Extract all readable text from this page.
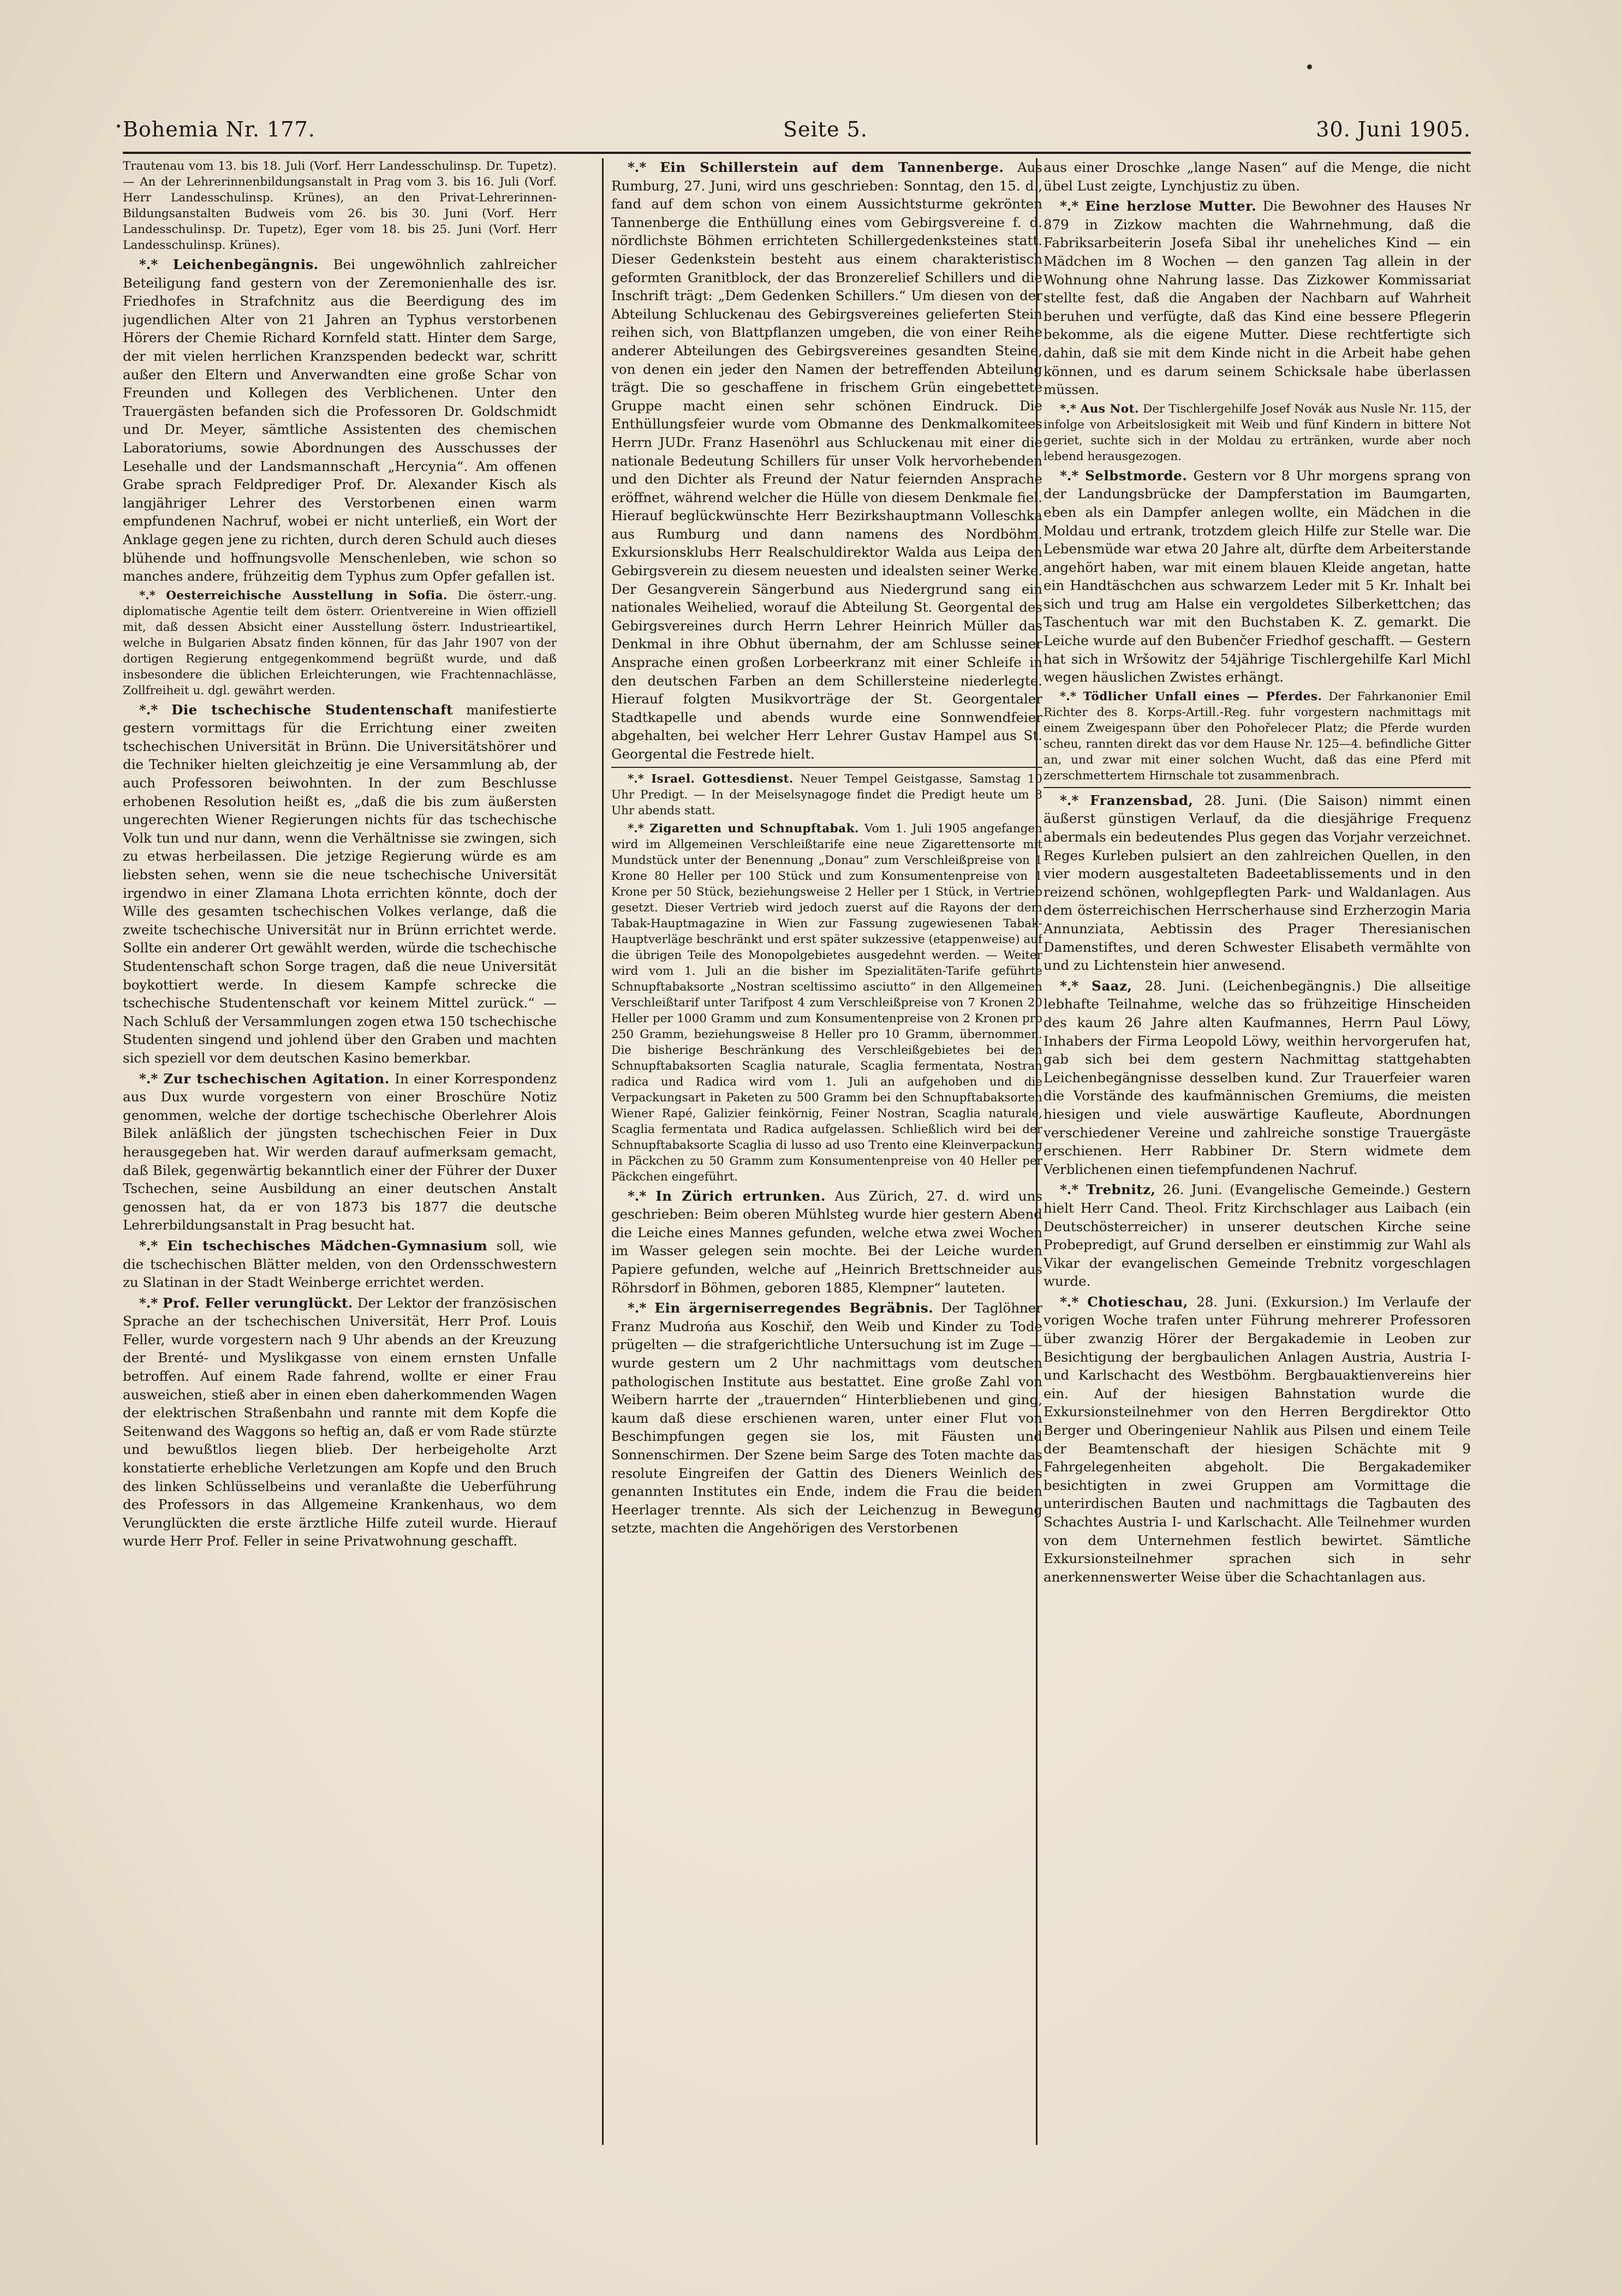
Bohemia Nr. 177.	Seite 5.	30. Juni 1905.

Trautenau vom 13. bis 18. Juli (Vorf. Herr Landesschulinsp. Dr. Tupetz). — An der Lehrerinnenbildungsanstalt in Prag vom 3. bis 16. Juli (Vorf. Herr Landesschulinsp. Krünes), an den Privat-Lehrerinnen-Bildungsanstalten Budweis vom 26. bis 30. Juni (Vorf. Herr Landesschulinsp. Dr. Tupetz), Eger vom 18. bis 25. Juni (Vorf. Herr Landesschulinsp. Krünes).

*.* Leichenbegängnis. Bei ungewöhnlich zahlreicher Beteiligung fand gestern von der Zeremonienhalle des isr. Friedhofes in Strafchnitz aus die Beerdigung des im jugendlichen Alter von 21 Jahren an Typhus verstorbenen Hörers der Chemie Richard Kornfeld statt. Hinter dem Sarge, der mit vielen herrlichen Kranzspenden bedeckt war, schritt außer den Eltern und Anverwandten eine große Schar von Freunden und Kollegen des Verblichenen. Unter den Trauergästen befanden sich die Professoren Dr. Goldschmidt und Dr. Meyer, sämtliche Assistenten des chemischen Laboratoriums, sowie Abordnungen des Ausschusses der Lesehalle und der Landsmannschaft „Hercynia“. Am offenen Grabe sprach Feldprediger Prof. Dr. Alexander Kisch als langjähriger Lehrer des Verstorbenen einen warm empfundenen Nachruf, wobei er nicht unterließ, ein Wort der Anklage gegen jene zu richten, durch deren Schuld auch dieses blühende und hoffnungsvolle Menschenleben, wie schon so manches andere, frühzeitig dem Typhus zum Opfer gefallen ist.

*.* Oesterreichische Ausstellung in Sofia. Die österr.-ung. diplomatische Agentie teilt dem österr. Orientvereine in Wien offiziell mit, daß dessen Absicht einer Ausstellung österr. Industrieartikel, welche in Bulgarien Absatz finden können, für das Jahr 1907 von der dortigen Regierung entgegenkommend begrüßt wurde, und daß insbesondere die üblichen Erleichterungen, wie Frachtennachlässe, Zollfreiheit u. dgl. gewährt werden.

*.* Die tschechische Studentenschaft manifestierte gestern vormittags für die Errichtung einer zweiten tschechischen Universität in Brünn. Die Universitätshörer und die Techniker hielten gleichzeitig je eine Versammlung ab, der auch Professoren beiwohnten. In der zum Beschlusse erhobenen Resolution heißt es, „daß die bis zum äußersten ungerechten Wiener Regierungen nichts für das tschechische Volk tun und nur dann, wenn die Verhältnisse sie zwingen, sich zu etwas herbeilassen. Die jetzige Regierung würde es am liebsten sehen, wenn sie die neue tschechische Universität irgendwo in einer Zlamana Lhota errichten könnte, doch der Wille des gesamten tschechischen Volkes verlange, daß die zweite tschechische Universität nur in Brünn errichtet werde. Sollte ein anderer Ort gewählt werden, würde die tschechische Studentenschaft schon Sorge tragen, daß die neue Universität boykottiert werde. In diesem Kampfe schrecke die tschechische Studentenschaft vor keinem Mittel zurück.“ — Nach Schluß der Versammlungen zogen etwa 150 tschechische Studenten singend und johlend über den Graben und machten sich speziell vor dem deutschen Kasino bemerkbar.

*.* Zur tschechischen Agitation. In einer Korrespondenz aus Dux wurde vorgestern von einer Broschüre Notiz genommen, welche der dortige tschechische Oberlehrer Alois Bilek anläßlich der jüngsten tschechischen Feier in Dux herausgegeben hat. Wir werden darauf aufmerksam gemacht, daß Bilek, gegenwärtig bekanntlich einer der Führer der Duxer Tschechen, seine Ausbildung an einer deutschen Anstalt genossen hat, da er von 1873 bis 1877 die deutsche Lehrerbildungsanstalt in Prag besucht hat.

*.* Ein tschechisches Mädchen-Gymnasium soll, wie die tschechischen Blätter melden, von den Ordensschwestern zu Slatinan in der Stadt Weinberge errichtet werden.

*.* Prof. Feller verunglückt. Der Lektor der französischen Sprache an der tschechischen Universität, Herr Prof. Louis Feller, wurde vorgestern nach 9 Uhr abends an der Kreuzung der Brenté- und Myslikgasse von einem ernsten Unfalle betroffen. Auf einem Rade fahrend, wollte er einer Frau ausweichen, stieß aber in einen eben daherkommenden Wagen der elektrischen Straßenbahn und rannte mit dem Kopfe die Seitenwand des Waggons so heftig an, daß er vom Rade stürzte und bewußtlos liegen blieb. Der herbeigeholte Arzt konstatierte erhebliche Verletzungen am Kopfe und den Bruch des linken Schlüsselbeins und veranlaßte die Ueberführung des Professors in das Allgemeine Krankenhaus, wo dem Verunglückten die erste ärztliche Hilfe zuteil wurde. Hierauf wurde Herr Prof. Feller in seine Privatwohnung geschafft.

*.* Ein Schillerstein auf dem Tannenberge. Aus Rumburg, 27. Juni, wird uns geschrieben: Sonntag, den 15. d., fand auf dem schon von einem Aussichtsturme gekrönten Tannenberge die Enthüllung eines vom Gebirgsvereine f. d. nördlichste Böhmen errichteten Schillergedenksteines statt. Dieser Gedenkstein besteht aus einem charakteristisch geformten Granitblock, der das Bronzerelief Schillers und die Inschrift trägt: „Dem Gedenken Schillers.“ Um diesen von der Abteilung Schluckenau des Gebirgsvereines gelieferten Stein reihen sich, von Blattpflanzen umgeben, die von einer Reihe anderer Abteilungen des Gebirgsvereines gesandten Steine, von denen ein jeder den Namen der betreffenden Abteilung trägt. Die so geschaffene in frischem Grün eingebettete Gruppe macht einen sehr schönen Eindruck. Die Enthüllungsfeier wurde vom Obmanne des Denkmalkomitees Herrn JUDr. Franz Hasenöhrl aus Schluckenau mit einer die nationale Bedeutung Schillers für unser Volk hervorhebenden und den Dichter als Freund der Natur feiernden Ansprache eröffnet, während welcher die Hülle von diesem Denkmale fiel. Hierauf beglückwünschte Herr Bezirkshauptmann Volleschka aus Rumburg und dann namens des Nordböhm. Exkursionsklubs Herr Realschuldirektor Walda aus Leipa den Gebirgsverein zu diesem neuesten und idealsten seiner Werke. Der Gesangverein Sängerbund aus Niedergrund sang ein nationales Weihelied, worauf die Abteilung St. Georgental des Gebirgsvereines durch Herrn Lehrer Heinrich Müller das Denkmal in ihre Obhut übernahm, der am Schlusse seiner Ansprache einen großen Lorbeerkranz mit einer Schleife in den deutschen Farben an dem Schillersteine niederlegte. Hierauf folgten Musikvorträge der St. Georgentaler Stadtkapelle und abends wurde eine Sonnwendfeier abgehalten, bei welcher Herr Lehrer Gustav Hampel aus St. Georgental die Festrede hielt.

*.* Israel. Gottesdienst. Neuer Tempel Geistgasse, Samstag 10 Uhr Predigt. — In der Meiselsynagoge findet die Predigt heute um 8 Uhr abends statt.

*.* Zigaretten und Schnupftabak. Vom 1. Juli 1905 angefangen wird im Allgemeinen Verschleißtarife eine neue Zigarettensorte mit Mundstück unter der Benennung „Donau“ zum Verschleißpreise von 1 Krone 80 Heller per 100 Stück und zum Konsumentenpreise von 1 Krone per 50 Stück, beziehungsweise 2 Heller per 1 Stück, in Vertrieb gesetzt. Dieser Vertrieb wird jedoch zuerst auf die Rayons der dem Tabak-Hauptmagazine in Wien zur Fassung zugewiesenen Tabak-Hauptverläge beschränkt und erst später sukzessive (etappenweise) auf die übrigen Teile des Monopolgebietes ausgedehnt werden. — Weiter wird vom 1. Juli an die bisher im Spezialitäten-Tarife geführte Schnupftabaksorte „Nostran sceltissimo asciutto“ in den Allgemeinen Verschleißtarif unter Tarifpost 4 zum Verschleißpreise von 7 Kronen 20 Heller per 1000 Gramm und zum Konsumentenpreise von 2 Kronen pro 250 Gramm, beziehungsweise 8 Heller pro 10 Gramm, übernommen. Die bisherige Beschränkung des Verschleißgebietes bei den Schnupftabaksorten Scaglia naturale, Scaglia fermentata, Nostran radica und Radica wird vom 1. Juli an aufgehoben und die Verpackungsart in Paketen zu 500 Gramm bei den Schnupftabaksorten Wiener Rapé, Galizier feinkörnig, Feiner Nostran, Scaglia naturale, Scaglia fermentata und Radica aufgelassen. Schließlich wird bei der Schnupftabaksorte Scaglia di lusso ad uso Trento eine Kleinverpackung in Päckchen zu 50 Gramm zum Konsumentenpreise von 40 Heller per Päckchen eingeführt.

*.* In Zürich ertrunken. Aus Zürich, 27. d. wird uns geschrieben: Beim oberen Mühlsteg wurde hier gestern Abend die Leiche eines Mannes gefunden, welche etwa zwei Wochen im Wasser gelegen sein mochte. Bei der Leiche wurden Papiere gefunden, welche auf „Heinrich Brettschneider aus Röhrsdorf in Böhmen, geboren 1885, Klempner“ lauteten.

*.* Ein ärgerniserregendes Begräbnis. Der Taglöhner Franz Mudrońa aus Koschiř, den Weib und Kinder zu Tode prügelten — die strafgerichtliche Untersuchung ist im Zuge — wurde gestern um 2 Uhr nachmittags vom deutschen pathologischen Institute aus bestattet. Eine große Zahl von Weibern harrte der „trauernden“ Hinterbliebenen und ging, kaum daß diese erschienen waren, unter einer Flut von Beschimpfungen gegen sie los, mit Fäusten und Sonnenschirmen. Der Szene beim Sarge des Toten machte das resolute Eingreifen der Gattin des Dieners Weinlich des genannten Institutes ein Ende, indem die Frau die beiden Heerlager trennte. Als sich der Leichenzug in Bewegung setzte, machten die Angehörigen des Verstorbenen

aus einer Droschke „lange Nasen“ auf die Menge, die nicht übel Lust zeigte, Lynchjustiz zu üben.

*.* Eine herzlose Mutter. Die Bewohner des Hauses Nr 879 in Zizkow machten die Wahrnehmung, daß die Fabriksarbeiterin Josefa Sibal ihr uneheliches Kind — ein Mädchen im 8 Wochen — den ganzen Tag allein in der Wohnung ohne Nahrung lasse. Das Zizkower Kommissariat stellte fest, daß die Angaben der Nachbarn auf Wahrheit beruhen und verfügte, daß das Kind eine bessere Pflegerin bekomme, als die eigene Mutter. Diese rechtfertigte sich dahin, daß sie mit dem Kinde nicht in die Arbeit habe gehen können, und es darum seinem Schicksale habe überlassen müssen.

*.* Aus Not. Der Tischlergehilfe Josef Novák aus Nusle Nr. 115, der infolge von Arbeitslosigkeit mit Weib und fünf Kindern in bittere Not geriet, suchte sich in der Moldau zu ertränken, wurde aber noch lebend herausgezogen.

*.* Selbstmorde. Gestern vor 8 Uhr morgens sprang von der Landungsbrücke der Dampferstation im Baumgarten, eben als ein Dampfer anlegen wollte, ein Mädchen in die Moldau und ertrank, trotzdem gleich Hilfe zur Stelle war. Die Lebensmüde war etwa 20 Jahre alt, dürfte dem Arbeiterstande angehört haben, war mit einem blauen Kleide angetan, hatte ein Handtäschchen aus schwarzem Leder mit 5 Kr. Inhalt bei sich und trug am Halse ein vergoldetes Silberkettchen; das Taschentuch war mit den Buchstaben K. Z. gemarkt. Die Leiche wurde auf den Bubenčer Friedhof geschafft. — Gestern hat sich in Wršowitz der 54jährige Tischlergehilfe Karl Michl wegen häuslichen Zwistes erhängt.

*.* Tödlicher Unfall eines — Pferdes. Der Fahrkanonier Emil Richter des 8. Korps-Artill.-Reg. fuhr vorgestern nachmittags mit einem Zweigespann über den Pohořelecer Platz; die Pferde wurden scheu, rannten direkt das vor dem Hause Nr. 125—4. befindliche Gitter an, und zwar mit einer solchen Wucht, daß das eine Pferd mit zerschmettertem Hirnschale tot zusammenbrach.

*.* Franzensbad, 28. Juni. (Die Saison) nimmt einen äußerst günstigen Verlauf, da die diesjährige Frequenz abermals ein bedeutendes Plus gegen das Vorjahr verzeichnet. Reges Kurleben pulsiert an den zahlreichen Quellen, in den vier modern ausgestalteten Badeetablissements und in den reizend schönen, wohlgepflegten Park- und Waldanlagen. Aus dem österreichischen Herrscherhause sind Erzherzogin Maria Annunziata, Aebtissin des Prager Theresianischen Damenstiftes, und deren Schwester Elisabeth vermählte von und zu Lichtenstein hier anwesend.

*.* Saaz, 28. Juni. (Leichenbegängnis.) Die allseitige lebhafte Teilnahme, welche das so frühzeitige Hinscheiden des kaum 26 Jahre alten Kaufmannes, Herrn Paul Löwy, Inhabers der Firma Leopold Löwy, weithin hervorgerufen hat, gab sich bei dem gestern Nachmittag stattgehabten Leichenbegängnisse desselben kund. Zur Trauerfeier waren die Vorstände des kaufmännischen Gremiums, die meisten hiesigen und viele auswärtige Kaufleute, Abordnungen verschiedener Vereine und zahlreiche sonstige Trauergäste erschienen. Herr Rabbiner Dr. Stern widmete dem Verblichenen einen tiefempfundenen Nachruf.

*.* Trebnitz, 26. Juni. (Evangelische Gemeinde.) Gestern hielt Herr Cand. Theol. Fritz Kirchschlager aus Laibach (ein Deutschösterreicher) in unserer deutschen Kirche seine Probepredigt, auf Grund derselben er einstimmig zur Wahl als Vikar der evangelischen Gemeinde Trebnitz vorgeschlagen wurde.

*.* Chotieschau, 28. Juni. (Exkursion.) Im Verlaufe der vorigen Woche trafen unter Führung mehrerer Professoren über zwanzig Hörer der Bergakademie in Leoben zur Besichtigung der bergbaulichen Anlagen Austria, Austria I- und Karlschacht des Westböhm. Bergbauaktienvereins hier ein. Auf der hiesigen Bahnstation wurde die Exkursionsteilnehmer von den Herren Bergdirektor Otto Berger und Oberingenieur Nahlik aus Pilsen und einem Teile der Beamtenschaft der hiesigen Schächte mit 9 Fahrgelegenheiten abgeholt. Die Bergakademiker besichtigten in zwei Gruppen am Vormittage die unterirdischen Bauten und nachmittags die Tagbauten des Schachtes Austria I- und Karlschacht. Alle Teilnehmer wurden von dem Unternehmen festlich bewirtet. Sämtliche Exkursionsteilnehmer sprachen sich in sehr anerkennenswerter Weise über die Schachtanlagen aus.
